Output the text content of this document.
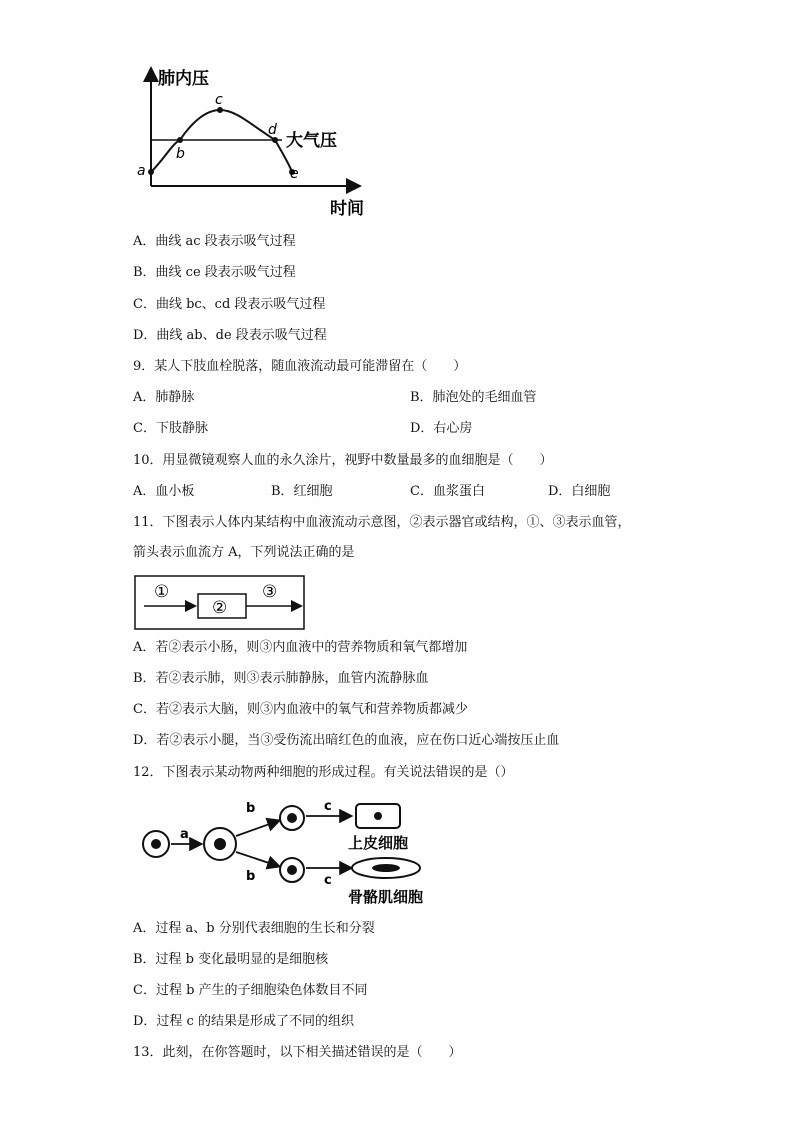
a
b
c
d
e
肺内压
大气压
时间
A．曲线 ac 段表示吸气过程
B．曲线 ce 段表示吸气过程
C．曲线 bc、cd 段表示吸气过程
D．曲线 ab、de 段表示吸气过程
9．某人下肢血栓脱落，随血液流动最可能滞留在（　　）
A．肺静脉	B．肺泡处的毛细血管
C．下肢静脉	D．右心房
10．用显微镜观察人血的永久涂片，视野中数量最多的血细胞是（　　）
A．血小板	B．红细胞	C．血浆蛋白	D．白细胞
11．下图表示人体内某结构中血液流动示意图，②表示器官或结构，①、③表示血管，
箭头表示血流方 A，下列说法正确的是
①
②
③
A．若②表示小肠，则③内血液中的营养物质和氧气都增加
B．若②表示肺，则③表示肺静脉，血管内流静脉血
C．若②表示大脑，则③内血液中的氧气和营养物质都减少
D．若②表示小腿，当③受伤流出暗红色的血液，应在伤口近心端按压止血
12．下图表示某动物两种细胞的形成过程。有关说法错误的是（）
a
b
b
c
c
上皮细胞
骨骼肌细胞
A．过程 a、b 分别代表细胞的生长和分裂
B．过程 b 变化最明显的是细胞核
C．过程 b 产生的子细胞染色体数目不同
D．过程 c 的结果是形成了不同的组织
13．此刻，在你答题时，以下相关描述错误的是（　　）
